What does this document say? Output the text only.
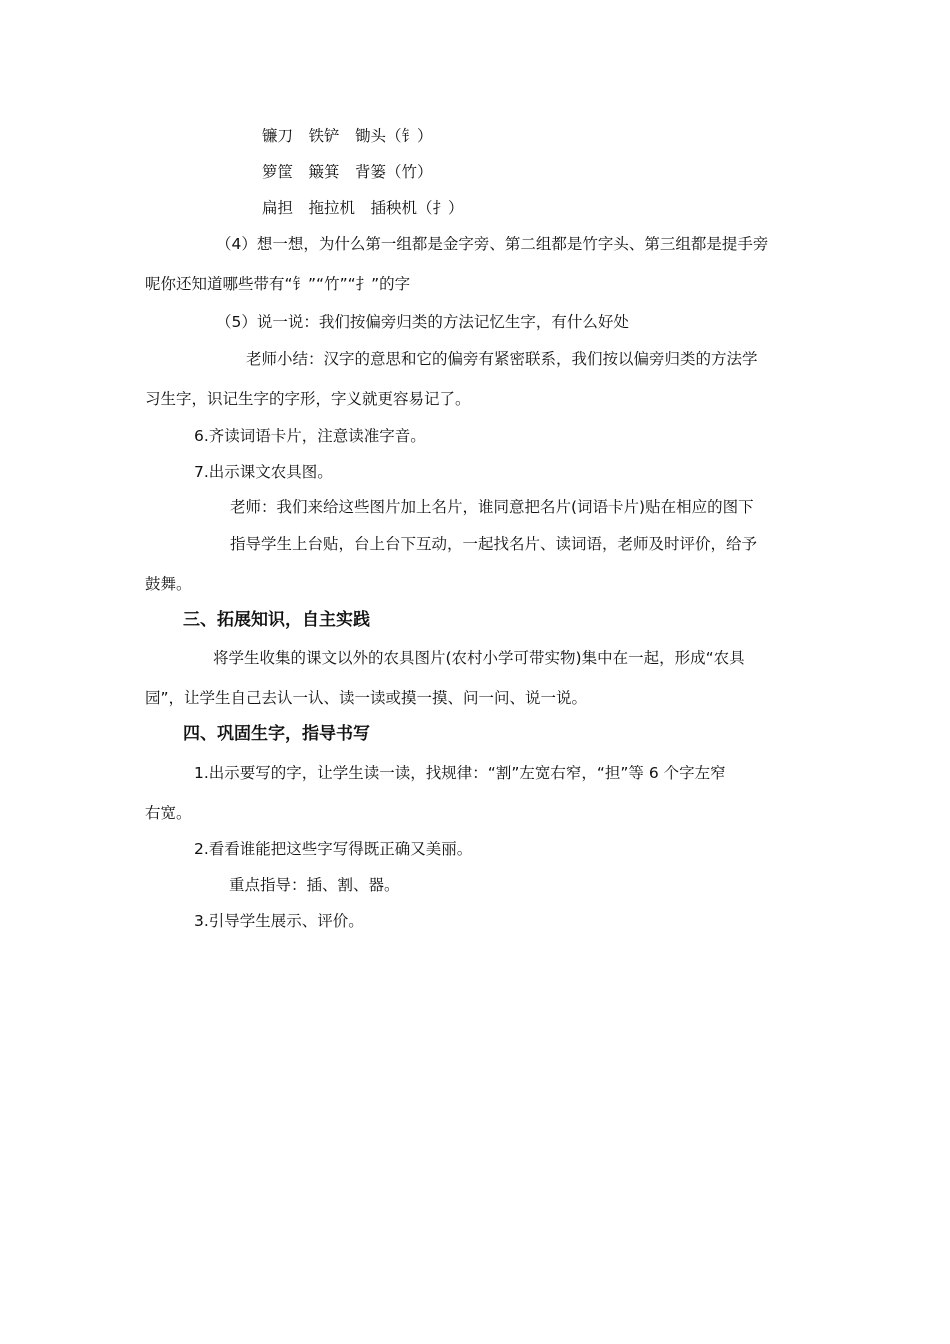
镰刀　铁铲　锄头（钅）
箩筐　簸箕　背篓（竹）
扁担　拖拉机　插秧机（扌）
（4）想一想，为什么第一组都是金字旁、第二组都是竹字头、第三组都是提手旁
呢你还知道哪些带有“钅”“竹”“扌”的字
（5）说一说：我们按偏旁归类的方法记忆生字，有什么好处
老师小结：汉字的意思和它的偏旁有紧密联系，我们按以偏旁归类的方法学
习生字，识记生字的字形，字义就更容易记了。
6.齐读词语卡片，注意读准字音。
7.出示课文农具图。
老师：我们来给这些图片加上名片，谁同意把名片(词语卡片)贴在相应的图下
指导学生上台贴，台上台下互动，一起找名片、读词语，老师及时评价，给予
鼓舞。
三、拓展知识，自主实践
将学生收集的课文以外的农具图片(农村小学可带实物)集中在一起，形成“农具
园”，让学生自己去认一认、读一读或摸一摸、问一问、说一说。
四、巩固生字，指导书写
1.出示要写的字，让学生读一读，找规律：“割”左宽右窄，“担”等 6 个字左窄
右宽。
2.看看谁能把这些字写得既正确又美丽。
重点指导：插、割、器。
3.引导学生展示、评价。
